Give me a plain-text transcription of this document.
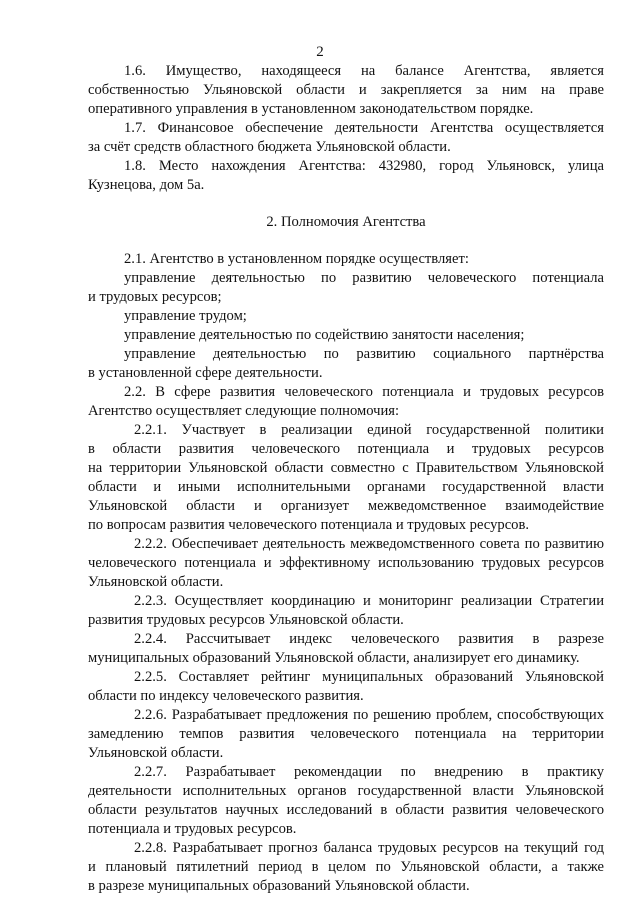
2
1.6. Имущество, находящееся на балансе Агентства, является
собственностью Ульяновской области и закрепляется за ним на праве
оперативного управления в установленном законодательством порядке.
1.7. Финансовое обеспечение деятельности Агентства осуществляется
за счёт средств областного бюджета Ульяновской области.
1.8. Место нахождения Агентства: 432980, город Ульяновск, улица
Кузнецова, дом 5а.
2. Полномочия Агентства
2.1. Агентство в установленном порядке осуществляет:
управление деятельностью по развитию человеческого потенциала
и трудовых ресурсов;
управление трудом;
управление деятельностью по содействию занятости населения;
управление деятельностью по развитию социального партнёрства
в установленной сфере деятельности.
2.2. В сфере развития человеческого потенциала и трудовых ресурсов
Агентство осуществляет следующие полномочия:
2.2.1. Участвует в реализации единой государственной политики
в области развития человеческого потенциала и трудовых ресурсов
на территории Ульяновской области совместно с Правительством Ульяновской
области и иными исполнительными органами государственной власти
Ульяновской области и организует межведомственное взаимодействие
по вопросам развития человеческого потенциала и трудовых ресурсов.
2.2.2. Обеспечивает деятельность межведомственного совета по развитию
человеческого потенциала и эффективному использованию трудовых ресурсов
Ульяновской области.
2.2.3. Осуществляет координацию и мониторинг реализации Стратегии
развития трудовых ресурсов Ульяновской области.
2.2.4. Рассчитывает индекс человеческого развития в разрезе
муниципальных образований Ульяновской области, анализирует его динамику.
2.2.5. Составляет рейтинг муниципальных образований Ульяновской
области по индексу человеческого развития.
2.2.6. Разрабатывает предложения по решению проблем, способствующих
замедлению темпов развития человеческого потенциала на территории
Ульяновской области.
2.2.7. Разрабатывает рекомендации по внедрению в практику
деятельности исполнительных органов государственной власти Ульяновской
области результатов научных исследований в области развития человеческого
потенциала и трудовых ресурсов.
2.2.8. Разрабатывает прогноз баланса трудовых ресурсов на текущий год
и плановый пятилетний период в целом по Ульяновской области, а также
в разрезе муниципальных образований Ульяновской области.
